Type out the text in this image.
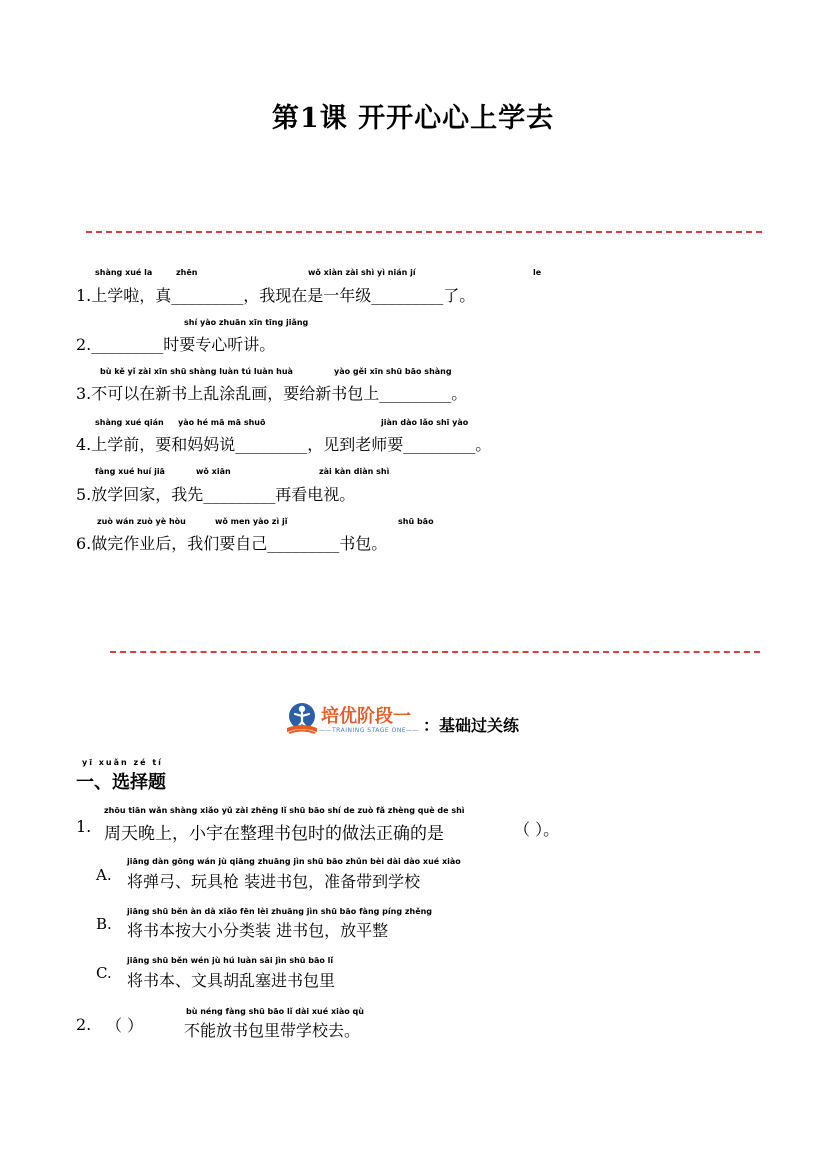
第1课 开开心心上学去
shàng xué la	zhēn	wǒ xiàn zài shì yì nián jí	le
1.上学啦，真_________，我现在是一年级_________了。
shí yào zhuān xīn tīng jiǎng
2._________时要专心听讲。
bù kě yǐ zài xīn shū shàng luàn tú luàn huà	yào gěi xīn shū bāo shàng
3.不可以在新书上乱涂乱画，要给新书包上_________。
shàng xué qián yào hé mā mā shuō	jiàn dào lǎo shī yào
4.上学前，要和妈妈说_________，见到老师要_________。
fàng xué huí jiā	wǒ xiān	zài kàn diàn shì
5.放学回家，我先_________再看电视。
zuò wán zuò yè hòu	wǒ men yào zì jǐ	shū bāo
6.做完作业后，我们要自己_________书包。
培优阶段一
——TRAINING STAGE ONE—— ：基础过关练
yī xuǎn zé tí
一、选择题
zhōu tiān wǎn shàng xiǎo yǔ zài zhěng lǐ shū bāo shí de zuò fǎ zhèng què de shì
1. 周天晚上，小宇在整理书包时的做法正确的是	（ ）。
jiāng dàn gōng wán jù qiāng zhuāng jìn shū bāo zhǔn bèi dài dào xué xiào
A. 将弹弓、玩具枪 装进书包，准备带到学校
jiāng shū běn àn dà xiǎo fēn lèi zhuāng jìn shū bāo fàng píng zhěng
B. 将书本按大小分类装 进书包，放平整
jiāng shū běn wén jù hú luàn sāi jìn shū bāo lǐ
C. 将书本、文具胡乱塞进书包里
bù néng fàng shū bāo lǐ dài xué xiào qù
2. （ ）	不能放书包里带学校去。
